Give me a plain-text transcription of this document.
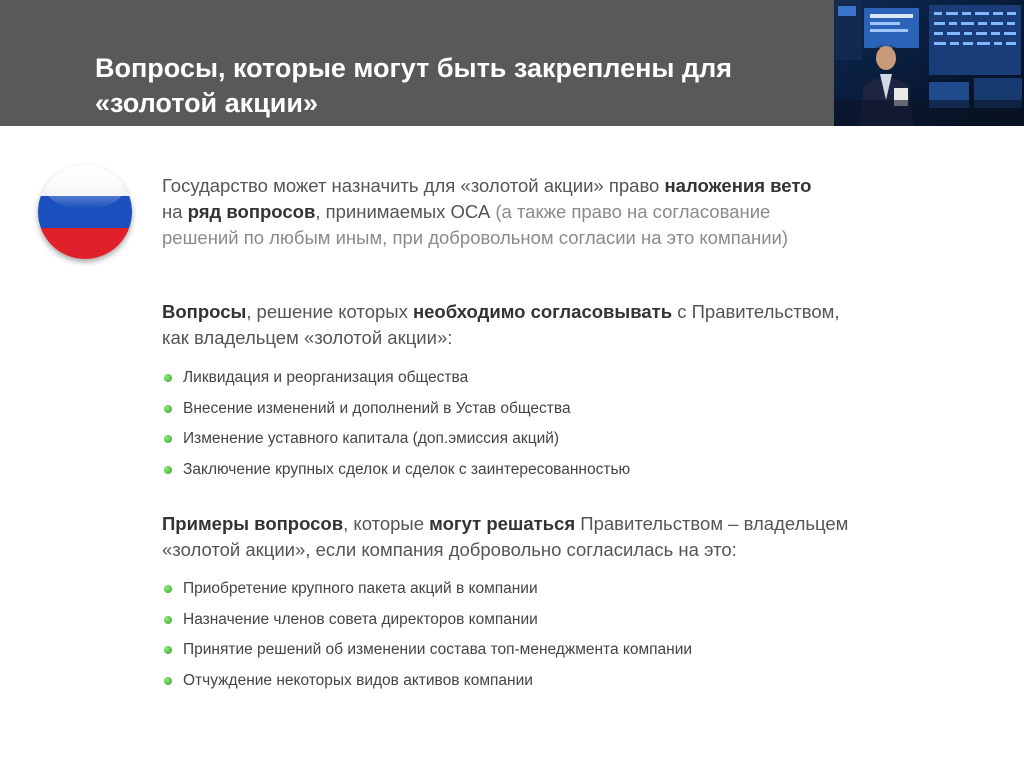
Вопросы, которые могут быть закреплены для
«золотой акции»

Государство может назначить для «золотой акции» право наложения вето
на ряд вопросов, принимаемых ОСА (а также право на согласование
решений по любым иным, при добровольном согласии на это компании)

Вопросы, решение которых необходимо согласовывать с Правительством,
как владельцем «золотой акции»:

Ликвидация и реорганизация общества
Внесение изменений и дополнений в Устав общества
Изменение уставного капитала (доп.эмиссия акций)
Заключение крупных сделок и сделок с заинтересованностью

Примеры вопросов, которые могут решаться Правительством – владельцем
«золотой акции», если компания добровольно согласилась на это:

Приобретение крупного пакета акций в компании
Назначение членов совета директоров компании
Принятие решений об изменении состава топ-менеджмента компании
Отчуждение некоторых видов активов компании
